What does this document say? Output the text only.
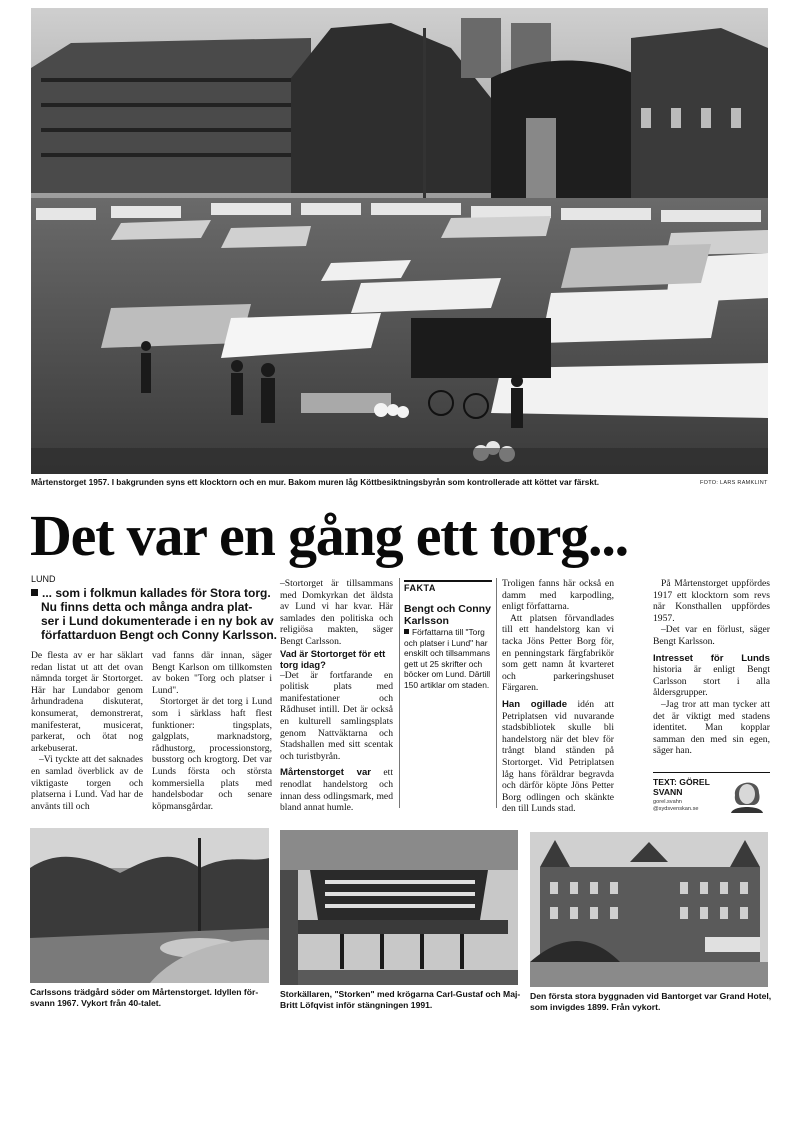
Mårtenstorget 1957. I bakgrunden syns ett klocktorn och en mur. Bakom muren låg Köttbesiktningsbyrån som kontrollerade att köttet var färskt.	FOTO: LARS RAMKLINT
Det var en gång ett torg...
LUND
... som i folkmun kallades för Stora torg.
Nu finns detta och många andra plat-
ser i Lund dokumenterade i en ny bok av
författarduon Bengt och Conny Karlsson.

De flesta av er har säklart redan listat ut att det ovan nämnda torget är Stortorget. Här har Lundabor genom århundradena diskuterat, konsumerat, demonstrerat, manifesterat, musicerat, parkerat, och ötat nog arkebuserat.

–Vi tyckte att det saknades en samlad överblick av de viktigaste torgen och platserna i Lund. Vad har de använts till och

vad fanns där innan, säger Bengt Karlson om tillkomsten av boken "Torg och platser i Lund".

Stortorget är det torg i Lund som i särklass haft flest funktioner: tingsplats, galgplats, marknadstorg, rådhustorg, processionstorg, busstorg och krogtorg. Det var Lunds första och största kommersiella plats med handelsbodar och senare köpmansgårdar.

–Stortorget är tillsammans med Domkyrkan det äldsta av Lund vi har kvar. Här samlades den politiska och religiösa makten, säger Bengt Carlsson.

Vad är Stortorget för ett torg idag?

–Det är fortfarande en politisk plats med manifestationer och Rådhuset intill. Det är också en kulturell samlingsplats genom Nattväktarna och Stadshallen med sitt scentak och turistbyrån.

Mårtenstorget var ett renodlat handelstorg och innan dess odlingsmark, med bland annat humle.

FAKTA
Bengt och Conny
Karlsson
Författarna till "Torg och platser i Lund" har enskilt och tillsammans gett ut 25 skrifter och böcker om Lund. Därtill 150 artiklar om staden.

Troligen fanns här också en damm med karpodling, enligt författarna.

Att platsen förvandlades till ett handelstorg kan vi tacka Jöns Petter Borg för, en penningstark färgfabrikör som gett namn åt kvarteret och parkeringshuset Färgaren.

Han ogillade idén att Petriplatsen vid nuvarande stadsbibliotek skulle bli handelstorg när det blev för trångt bland ständen på Stortorget. Vid Petriplatsen låg hans föräldrar begravda och därför köpte Jöns Petter Borg odlingen och skänkte den till Lunds stad.

På Mårtenstorget uppfördes 1917 ett klocktorn som revs när Konsthallen uppfördes 1957.

–Det var en förlust, säger Bengt Karlsson.

Intresset för Lunds historia är enligt Bengt Carlsson stort i alla åldersgrupper.

–Jag tror att man tycker att det är viktigt med stadens identitet. Man kopplar samman den med sin egen, säger han.

TEXT: GÖREL
SVANN
gorel.svahn
@sydsvenskan.se
Carlssons trädgård söder om Mårtenstorget. Idyllen för-
svann 1967. Vykort från 40-talet.
Storkällaren, "Storken" med krögarna Carl-Gustaf och Maj-
Britt Löfqvist inför stängningen 1991.
Den första stora byggnaden vid Bantorget var Grand Hotel,
som invigdes 1899. Från vykort.
